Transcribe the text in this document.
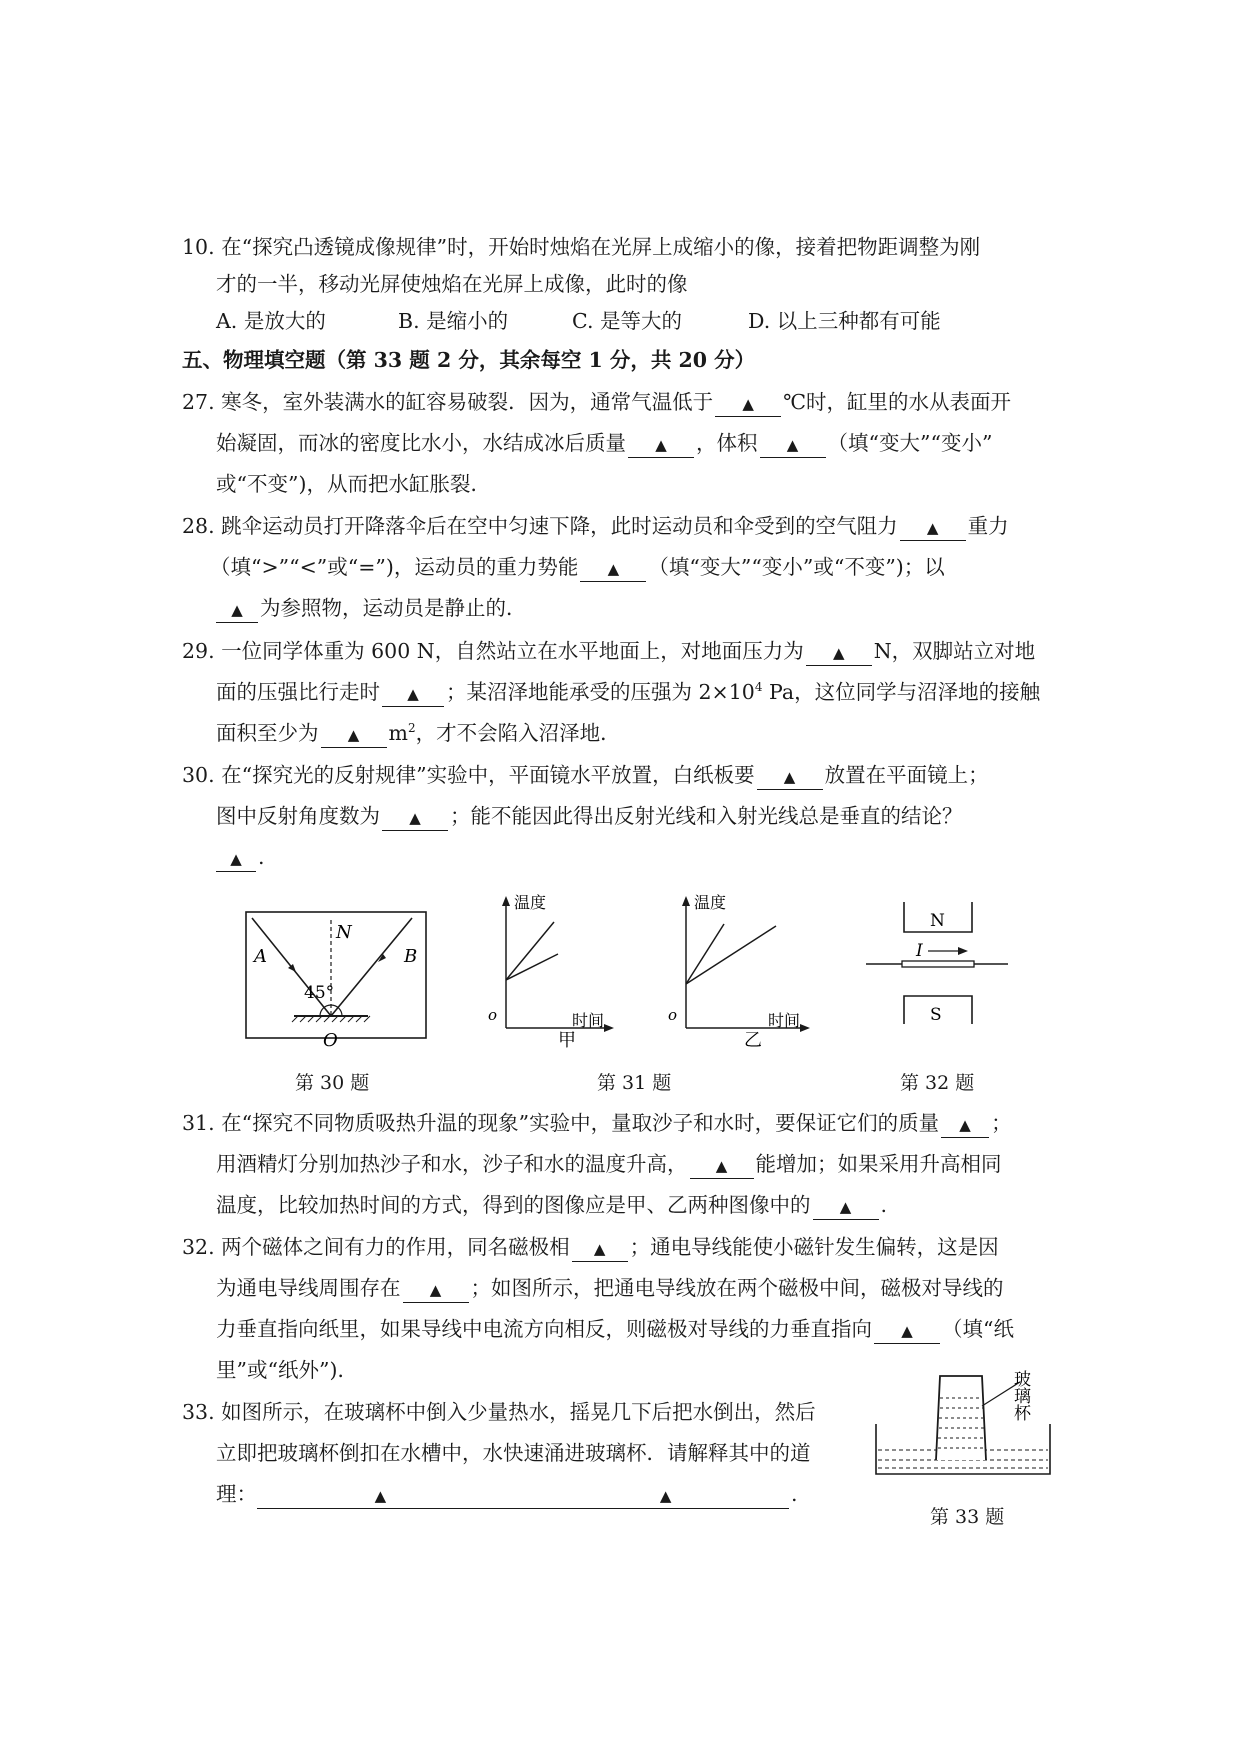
10. 在“探究凸透镜成像规律”时，开始时烛焰在光屏上成缩小的像，接着把物距调整为刚
才的一半，移动光屏使烛焰在光屏上成像，此时的像
A. 是放大的	B. 是缩小的	C. 是等大的	D. 以上三种都有可能
五、物理填空题（第 33 题 2 分，其余每空 1 分，共 20 分）
27. 寒冬，室外装满水的缸容易破裂．因为，通常气温低于 ▲ ℃时，缸里的水从表面开
始凝固，而冰的密度比水小，水结成冰后质量 ▲ ，体积 ▲ （填“变大”“变小”
或“不变”)，从而把水缸胀裂．
28. 跳伞运动员打开降落伞后在空中匀速下降，此时运动员和伞受到的空气阻力 ▲ 重力
（填“>”“<”或“=”)，运动员的重力势能 ▲ （填“变大”“变小”或“不变”)；以
▲ 为参照物，运动员是静止的．
29. 一位同学体重为 600 N，自然站立在水平地面上，对地面压力为 ▲ N，双脚站立对地
面的压强比行走时 ▲ ；某沼泽地能承受的压强为 $2\times 10^4$ Pa，这位同学与沼泽地的接触
面积至少为 ▲ $m^2$，才不会陷入沼泽地．
30. 在“探究光的反射规律”实验中，平面镜水平放置，白纸板要 ▲ 放置在平面镜上；
图中反射角度数为 ▲ ；能不能因此得出反射光线和入射光线总是垂直的结论？
▲ .
A	B
N
45°
O
第 30 题
温度
o	时间
甲
温度
o	时间
乙
第 31 题
N
I
S
第 32 题
31. 在“探究不同物质吸热升温的现象”实验中，量取沙子和水时，要保证它们的质量 ▲ ；
用酒精灯分别加热沙子和水，沙子和水的温度升高， ▲ 能增加；如果采用升高相同
温度，比较加热时间的方式，得到的图像应是甲、乙两种图像中的 ▲ .
32. 两个磁体之间有力的作用，同名磁极相 ▲ ；通电导线能使小磁针发生偏转，这是因
为通电导线周围存在 ▲ ；如图所示，把通电导线放在两个磁极中间，磁极对导线的
力垂直指向纸里，如果导线中电流方向相反，则磁极对导线的力垂直指向 ▲ （填“纸
里”或“纸外”)．
33. 如图所示，在玻璃杯中倒入少量热水，摇晃几下后把水倒出，然后
立即把玻璃杯倒扣在水槽中，水快速涌进玻璃杯．请解释其中的道
理：	▲	▲	.
玻璃杯
第 33 题
